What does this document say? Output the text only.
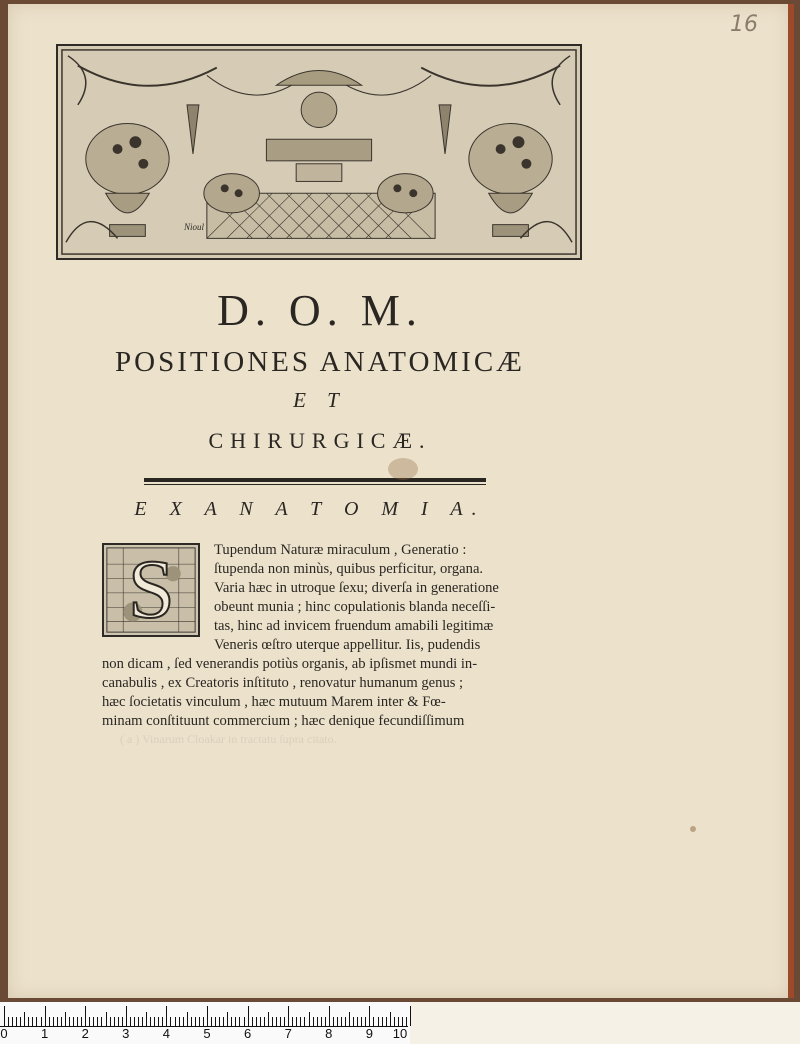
16
Nioul
D. O. M.
POSITIONES ANATOMICÆ
E T
CHIRURGICÆ.
E X A N A T O M I A.
S	Tupendum Naturæ miraculum , Generatio :
ſtupenda non minùs, quibus perficitur, organa.
Varia hæc in utroque ſexu; diverſa in generatione
obeunt munia ; hinc copulationis blanda neceſſi-
tas, hinc ad invicem fruendum amabili legitimæ
Veneris œſtro uterque appellitur. Iis, pudendis
non dicam , ſed venerandis potiùs organis, ab ipſismet mundi in-
canabulis , ex Creatoris inſtituto , renovatur humanum genus ;
hæc ſocietatis vinculum , hæc mutuum Marem inter & Fœ-
minam conſtituunt commercium ; hæc denique fecundiſſimum
( a ) Vinarum Cloakar in tractatu ſupra citato.
0	1	2	3	4	5	6	7	8	9 10
